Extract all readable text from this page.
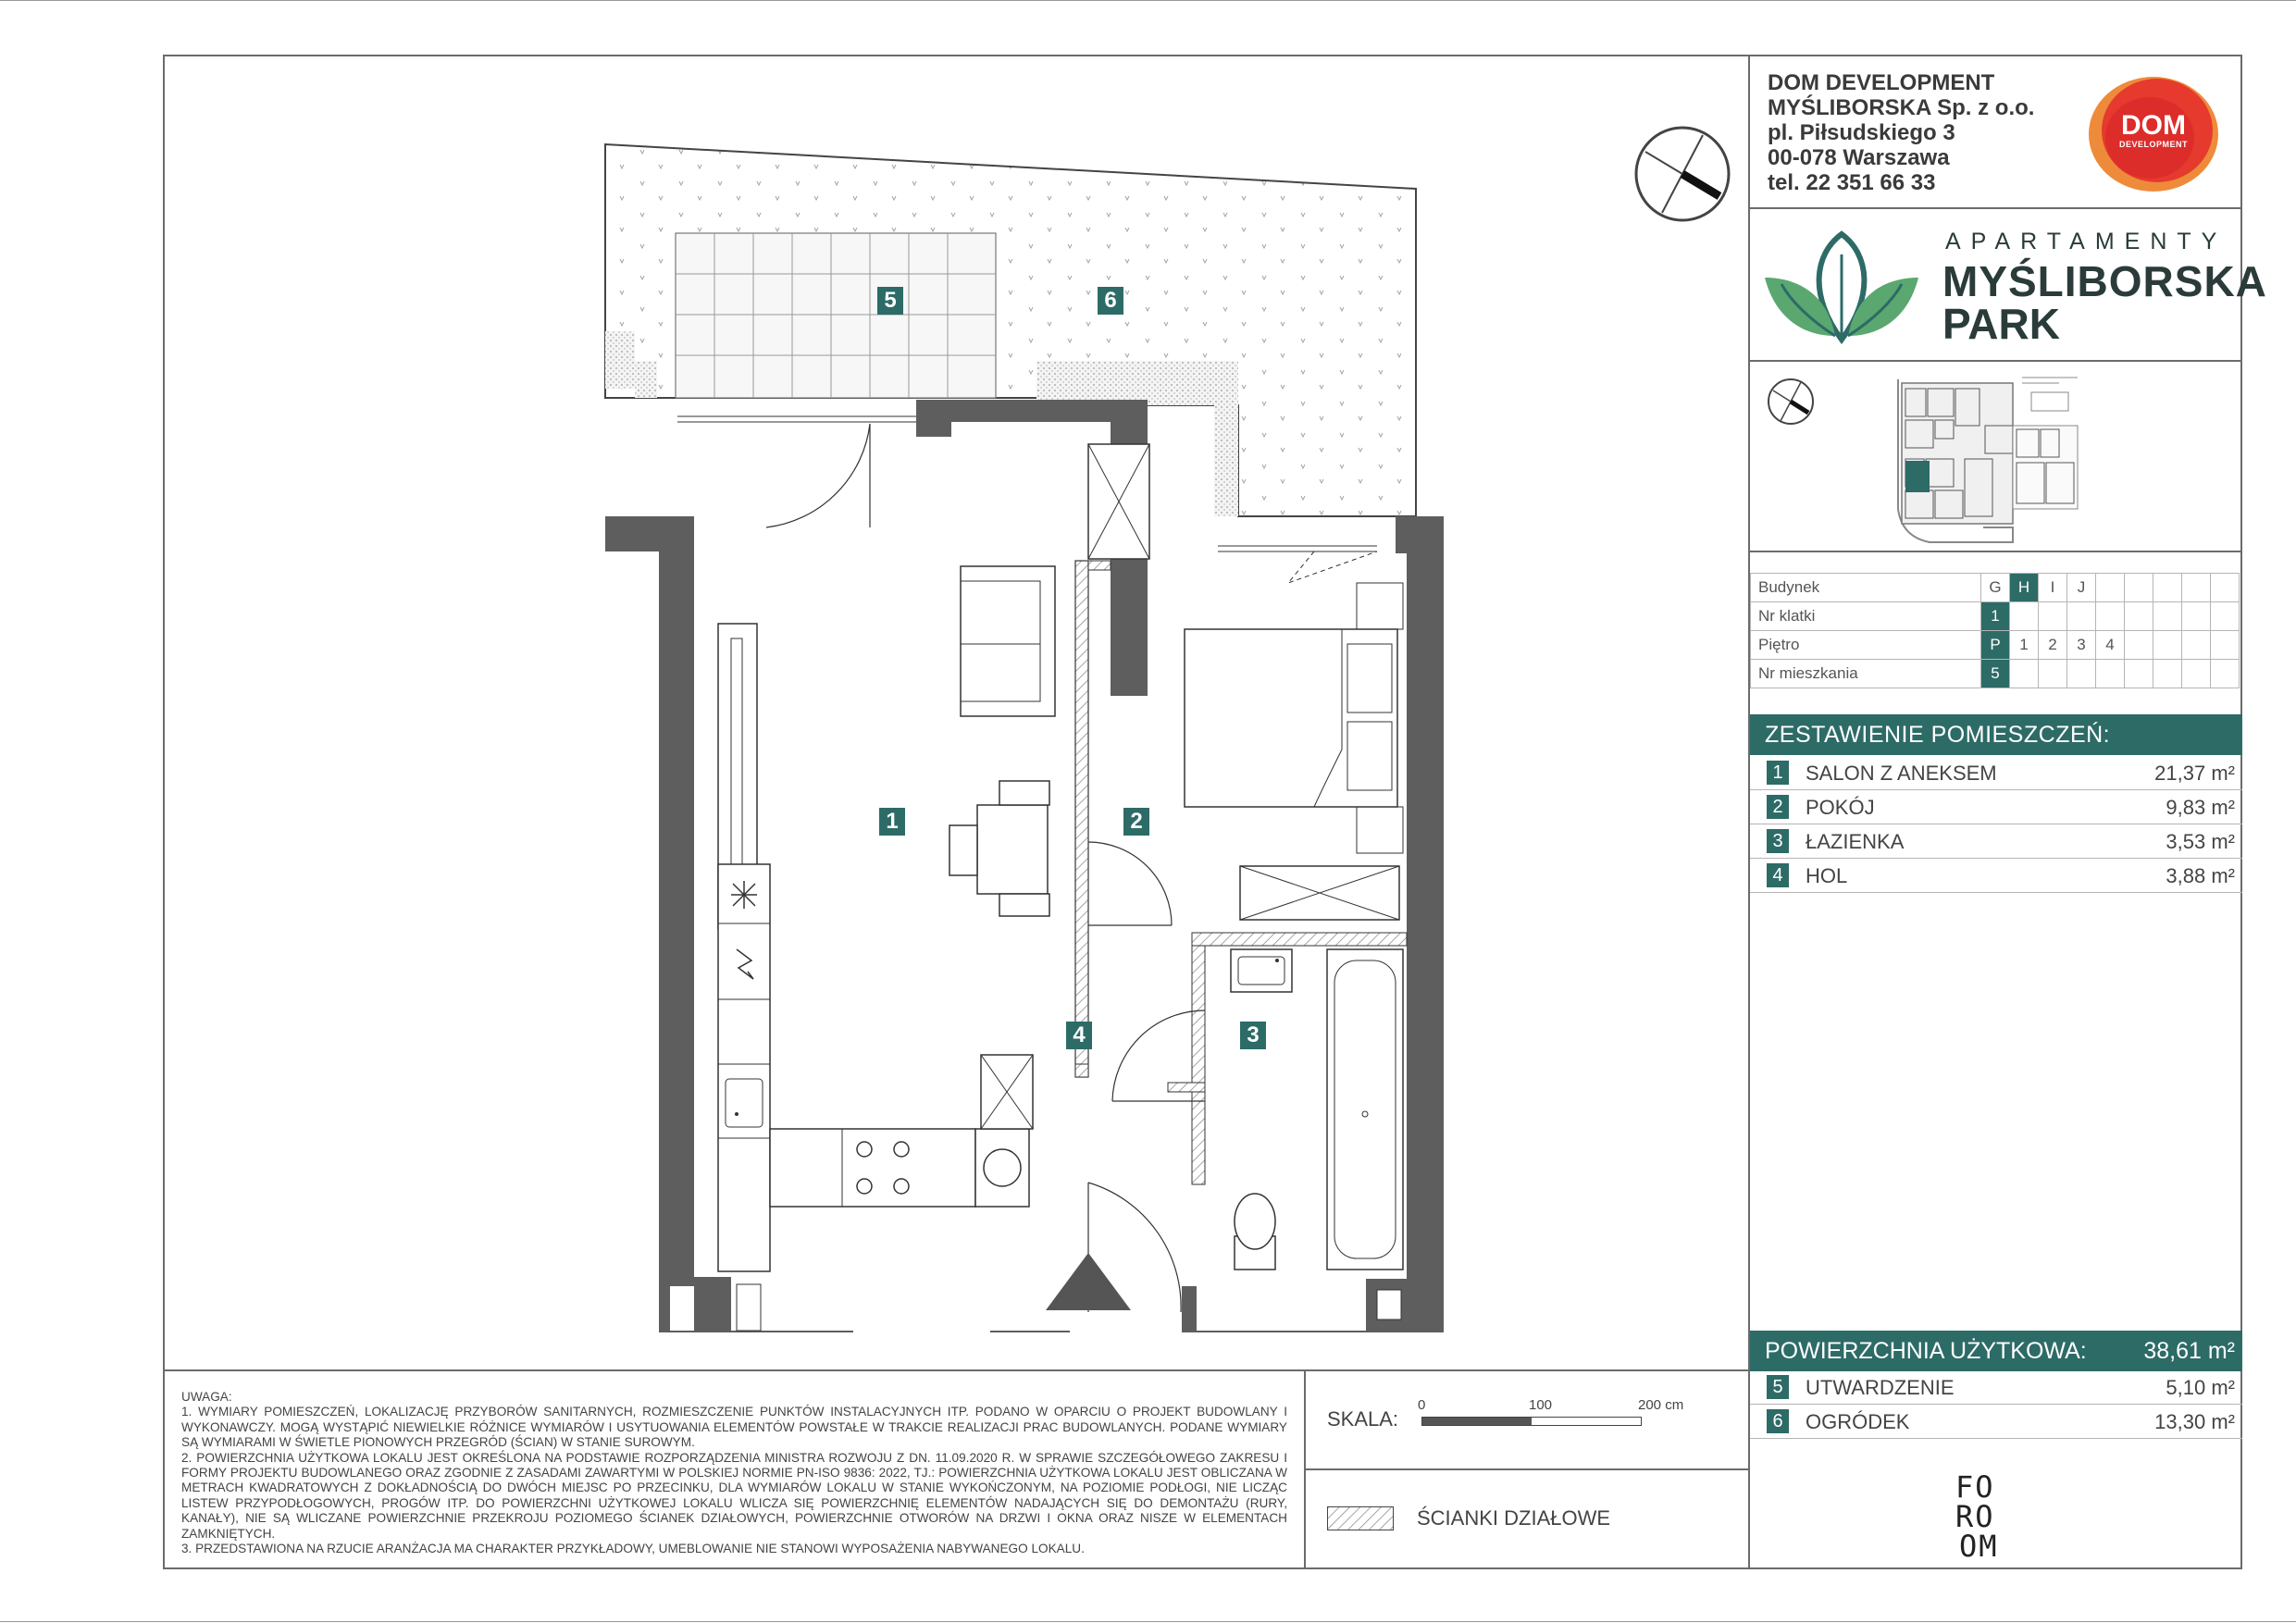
DOM DEVELOPMENT
MYŚLIBORSKA Sp. z o.o.
pl. Piłsudskiego 3
00-078 Warszawa
tel. 22 351 66 33
DOM
DEVELOPMENT
APARTAMENTY
MYŚLIBORSKA
PARK
Budynek	G	H	I	J					
Nr klatki	1								
Piętro	P	1	2	3	4				
Nr mieszkania	5								
ZESTAWIENIE POMIESZCZEŃ:
1 SALON Z ANEKSEM	21,37 m²
2 POKÓJ	9,83 m²
3 ŁAZIENKA	3,53 m²
4 HOL	3,88 m²
POWIERZCHNIA UŻYTKOWA: 38,61 m²
5 UTWARDZENIE	5,10 m²
6 OGRÓDEK	13,30 m²
1	2
3
4
5	6

UWAGA:

1. WYMIARY POMIESZCZEŃ, LOKALIZACJĘ PRZYBORÓW SANITARNYCH, ROZMIESZCZENIE PUNKTÓW INSTALACYJNYCH ITP. PODANO W OPARCIU O PROJEKT BUDOWLANY I WYKONAWCZY. MOGĄ WYSTĄPIĆ NIEWIELKIE RÓŻNICE WYMIARÓW I USYTUOWANIA ELEMENTÓW POWSTAŁE W TRAKCIE REALIZACJI PRAC BUDOWLANYCH. PODANE WYMIARY SĄ WYMIARAMI W ŚWIETLE PIONOWYCH PRZEGRÓD (ŚCIAN) W STANIE SUROWYM.

2. POWIERZCHNIA UŻYTKOWA LOKALU JEST OKREŚLONA NA PODSTAWIE ROZPORZĄDZENIA MINISTRA ROZWOJU Z DN. 11.09.2020 R. W SPRAWIE SZCZEGÓŁOWEGO ZAKRESU I FORMY PROJEKTU BUDOWLANEGO ORAZ ZGODNIE Z ZASADAMI ZAWARTYMI W POLSKIEJ NORMIE PN-ISO 9836: 2022, TJ.: POWIERZCHNIA UŻYTKOWA LOKALU JEST OBLICZANA W METRACH KWADRATOWYCH Z DOKŁADNOŚCIĄ DO DWÓCH MIEJSC PO PRZECINKU, DLA WYMIARÓW LOKALU W STANIE WYKOŃCZONYM, NA POZIOMIE PODŁOGI, NIE LICZĄC LISTEW PRZYPODŁOGOWYCH, PROGÓW ITP. DO POWIERZCHNI UŻYTKOWEJ LOKALU WLICZA SIĘ POWIERZCHNIĘ ELEMENTÓW NADAJĄCYCH SIĘ DO DEMONTAŻU (RURY, KANAŁY), NIE SĄ WLICZANE POWIERZCHNIE PRZEKROJU POZIOMEGO ŚCIANEK DZIAŁOWYCH, POWIERZCHNIE OTWORÓW NA DRZWI I OKNA ORAZ NISZE W ELEMENTACH ZAMKNIĘTYCH.

3. PRZEDSTAWIONA NA RZUCIE ARANŻACJA MA CHARAKTER PRZYKŁADOWY, UMEBLOWANIE NIE STANOWI WYPOSAŻENIA NABYWANEGO LOKALU.

SKALA:
0	100	200 cm
ŚCIANKI DZIAŁOWE
FO
RO
OM
